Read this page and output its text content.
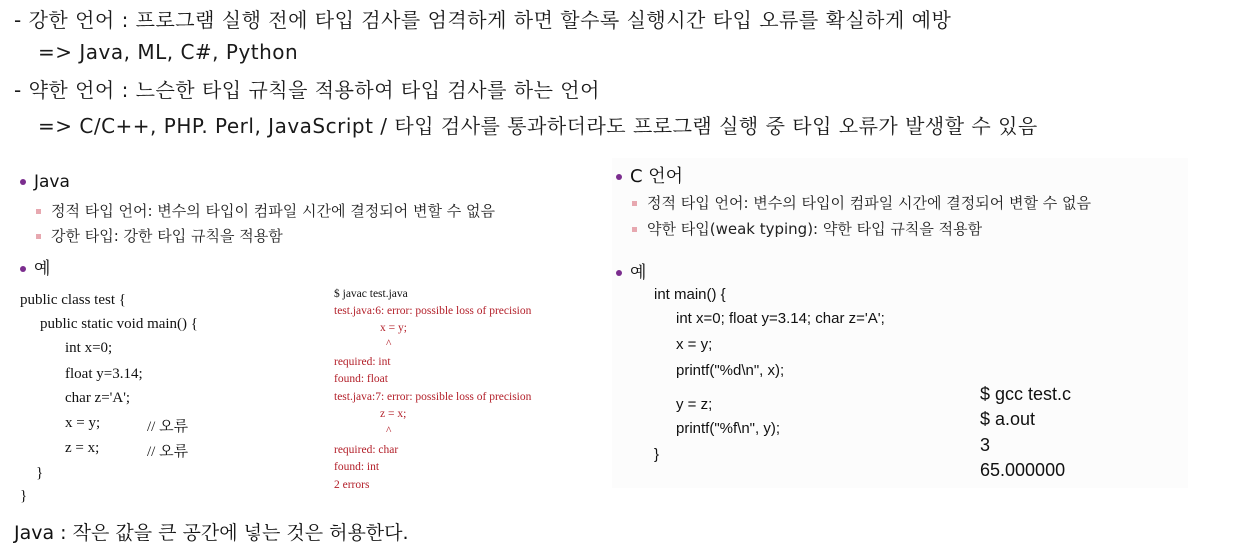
- 강한 언어 : 프로그램 실행 전에 타입 검사를 엄격하게 하면 할수록 실행시간 타입 오류를 확실하게 예방
=> Java, ML, C#, Python
- 약한 언어 : 느슨한 타입 규칙을 적용하여 타입 검사를 하는 언어
=> C/C++, PHP. Perl, JavaScript / 타입 검사를 통과하더라도 프로그램 실행 중 타입 오류가 발생할 수 있음
Java
정적 타입 언어: 변수의 타입이 컴파일 시간에 결정되어 변할 수 없음
강한 타입: 강한 타입 규칙을 적용함
예
public class test {
public static void main() {
int x=0;
float y=3.14;
char z='A';
x = y;	// 오류
z = x;	// 오류
}
}
$ javac test.java
test.java:6: error: possible loss of precision
x = y;
^
required: int
found: float
test.java:7: error: possible loss of precision
z = x;
^
required: char
found: int
2 errors
C 언어
정적 타입 언어: 변수의 타입이 컴파일 시간에 결정되어 변할 수 없음
약한 타입(weak typing): 약한 타입 규칙을 적용함
예
int main() {
int x=0; float y=3.14; char z='A';
x = y;
printf("%d\n", x);
y = z;
printf("%f\n", y);
}
$ gcc test.c
$ a.out
3
65.000000
Java : 작은 값을 큰 공간에 넣는 것은 허용한다.
